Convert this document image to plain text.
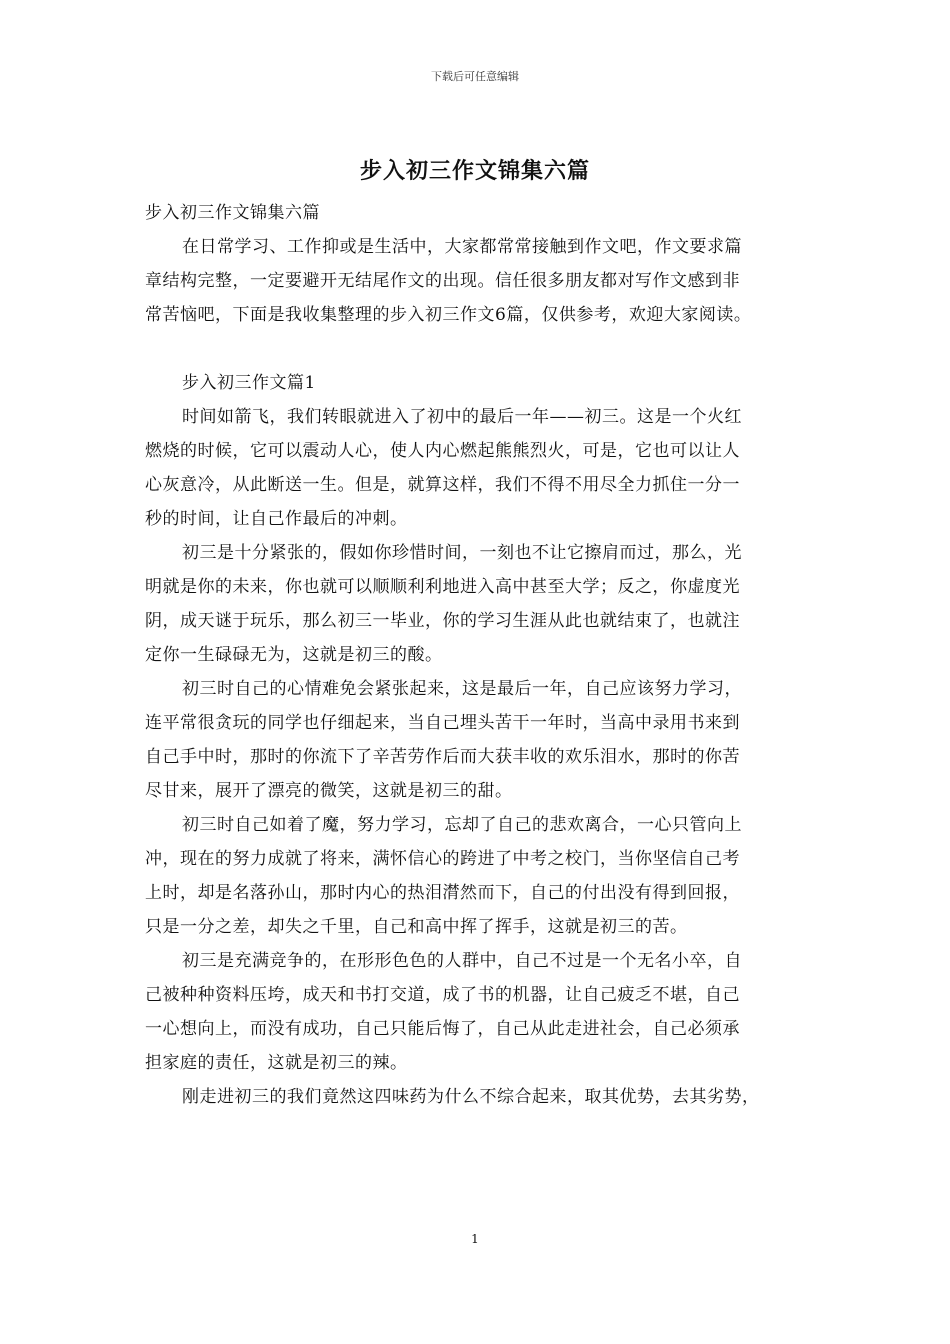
下载后可任意编辑
步入初三作文锦集六篇
步入初三作文锦集六篇
在日常学习、工作抑或是生活中，大家都常常接触到作文吧，作文要求篇
章结构完整，一定要避开无结尾作文的出现。信任很多朋友都对写作文感到非
常苦恼吧，下面是我收集整理的步入初三作文6篇，仅供参考，欢迎大家阅读。
步入初三作文篇1
时间如箭飞，我们转眼就进入了初中的最后一年——初三。这是一个火红
燃烧的时候，它可以震动人心，使人内心燃起熊熊烈火，可是，它也可以让人
心灰意冷，从此断送一生。但是，就算这样，我们不得不用尽全力抓住一分一
秒的时间，让自己作最后的冲刺。
初三是十分紧张的，假如你珍惜时间，一刻也不让它擦肩而过，那么，光
明就是你的未来，你也就可以顺顺利利地进入高中甚至大学；反之，你虚度光
阴，成天谜于玩乐，那么初三一毕业，你的学习生涯从此也就结束了，也就注
定你一生碌碌无为，这就是初三的酸。
初三时自己的心情难免会紧张起来，这是最后一年，自己应该努力学习，
连平常很贪玩的同学也仔细起来，当自己埋头苦干一年时，当高中录用书来到
自己手中时，那时的你流下了辛苦劳作后而大获丰收的欢乐泪水，那时的你苦
尽甘来，展开了漂亮的微笑，这就是初三的甜。
初三时自己如着了魔，努力学习，忘却了自己的悲欢离合，一心只管向上
冲，现在的努力成就了将来，满怀信心的跨进了中考之校门，当你坚信自己考
上时，却是名落孙山，那时内心的热泪潸然而下，自己的付出没有得到回报，
只是一分之差，却失之千里，自己和高中挥了挥手，这就是初三的苦。
初三是充满竞争的，在形形色色的人群中，自己不过是一个无名小卒，自
己被种种资料压垮，成天和书打交道，成了书的机器，让自己疲乏不堪，自己
一心想向上，而没有成功，自己只能后悔了，自己从此走进社会，自己必须承
担家庭的责任，这就是初三的辣。
刚走进初三的我们竟然这四味药为什么不综合起来，取其优势，去其劣势，
1
